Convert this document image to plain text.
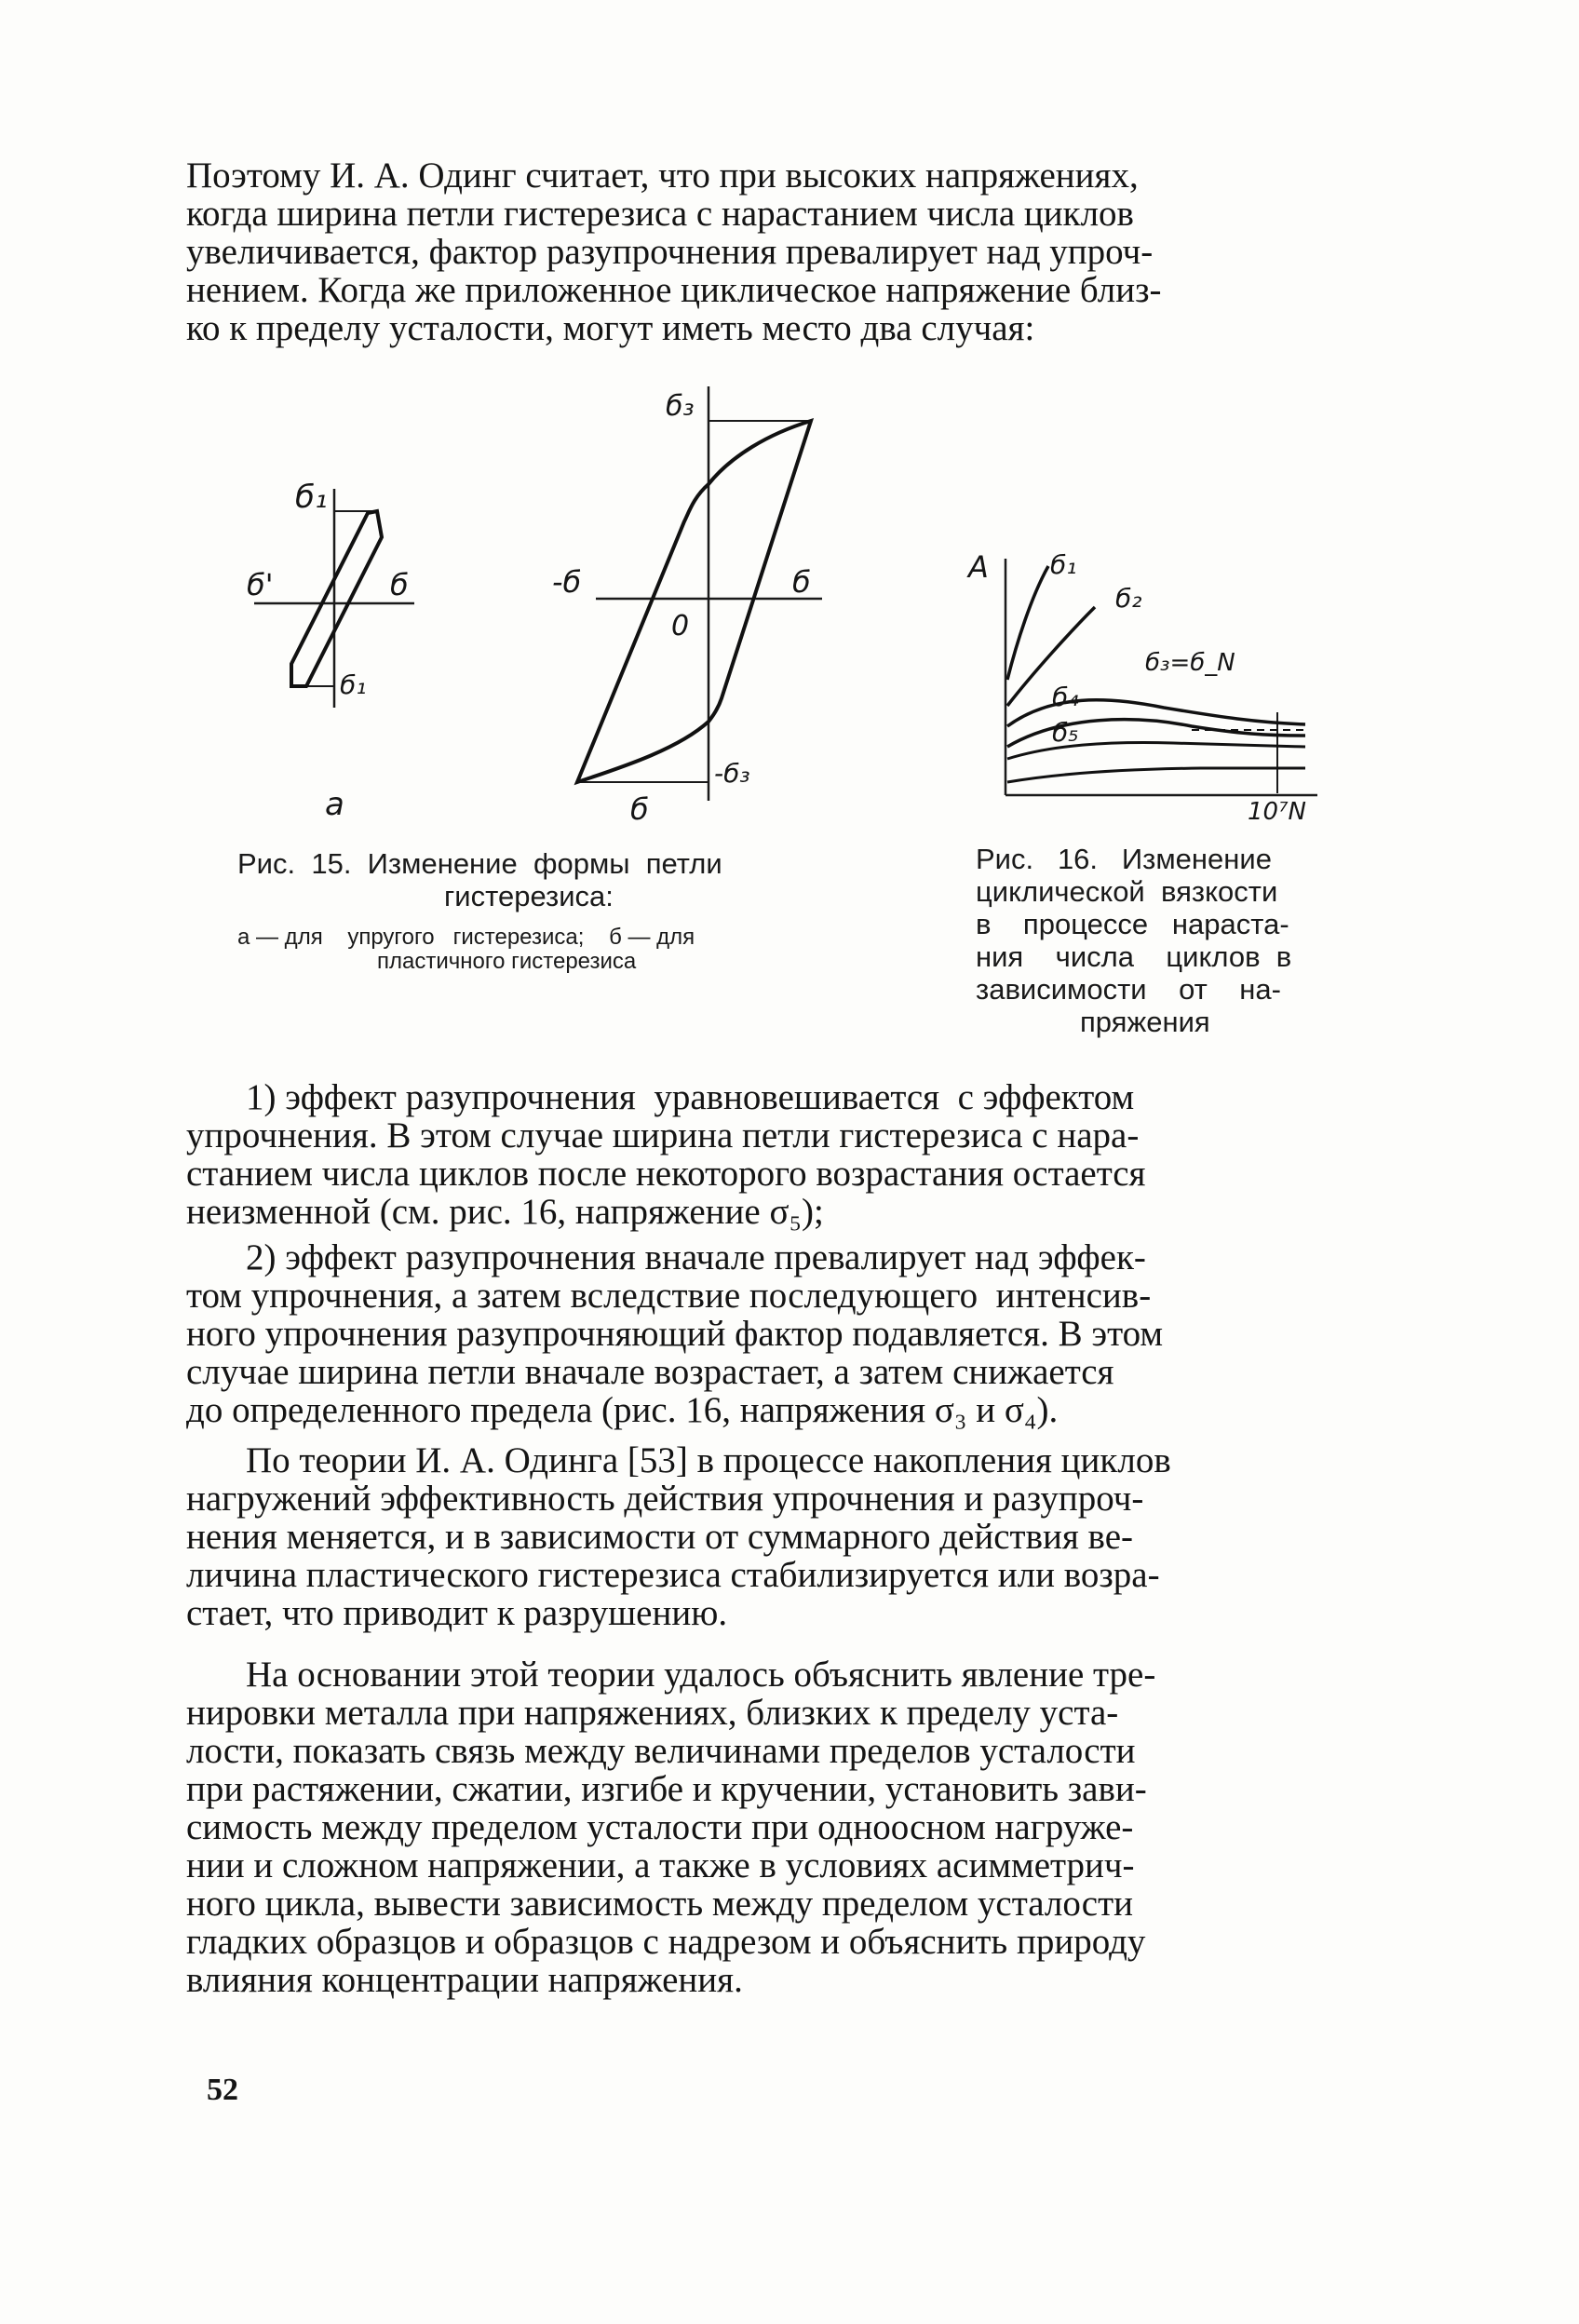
Поэтому И. А. Одинг считает, что при высоких напряжениях,
когда ширина петли гистерезиса с нарастанием числа циклов
увеличивается, фактор разупрочнения превалирует над упроч-
нением. Когда же приложенное циклическое напряжение близ-
ко к пределу усталости, могут иметь место два случая:
б₁
б'	б
б₁
а
б₃
-б	б
0
-б₃
б
A б₁
б₂
б₃=б_N
б₄
б₅
10⁷N
Рис.  15.  Изменение  формы  петли
гистерезиса:
а — для    упругого   гистерезиса;    б — для
пластичного гистерезиса
Рис.   16.   Изменение
циклической  вязкости
в    процессе   нараста-
ния    числа    циклов  в
зависимости    от    на-
пряжения
1) эффект разупрочнения  уравновешивается  с эффектом
упрочнения. В этом случае ширина петли гистерезиса с нара-
станием числа циклов после некоторого возрастания остается
неизменной (см. рис. 16, напряжение σ₅);
2) эффект разупрочнения вначале превалирует над эффек-
том упрочнения, а затем вследствие последующего  интенсив-
ного упрочнения разупрочняющий фактор подавляется. В этом
случае ширина петли вначале возрастает, а затем снижается
до определенного предела (рис. 16, напряжения σ₃ и σ₄).
По теории И. А. Одинга [53] в процессе накопления циклов
нагружений эффективность действия упрочнения и разупроч-
нения меняется, и в зависимости от суммарного действия ве-
личина пластического гистерезиса стабилизируется или возра-
стает, что приводит к разрушению.
На основании этой теории удалось объяснить явление тре-
нировки металла при напряжениях, близких к пределу уста-
лости, показать связь между величинами пределов усталости
при растяжении, сжатии, изгибе и кручении, установить зави-
симость между пределом усталости при одноосном нагруже-
нии и сложном напряжении, а также в условиях асимметрич-
ного цикла, вывести зависимость между пределом усталости
гладких образцов и образцов с надрезом и объяснить природу
влияния концентрации напряжения.
52
